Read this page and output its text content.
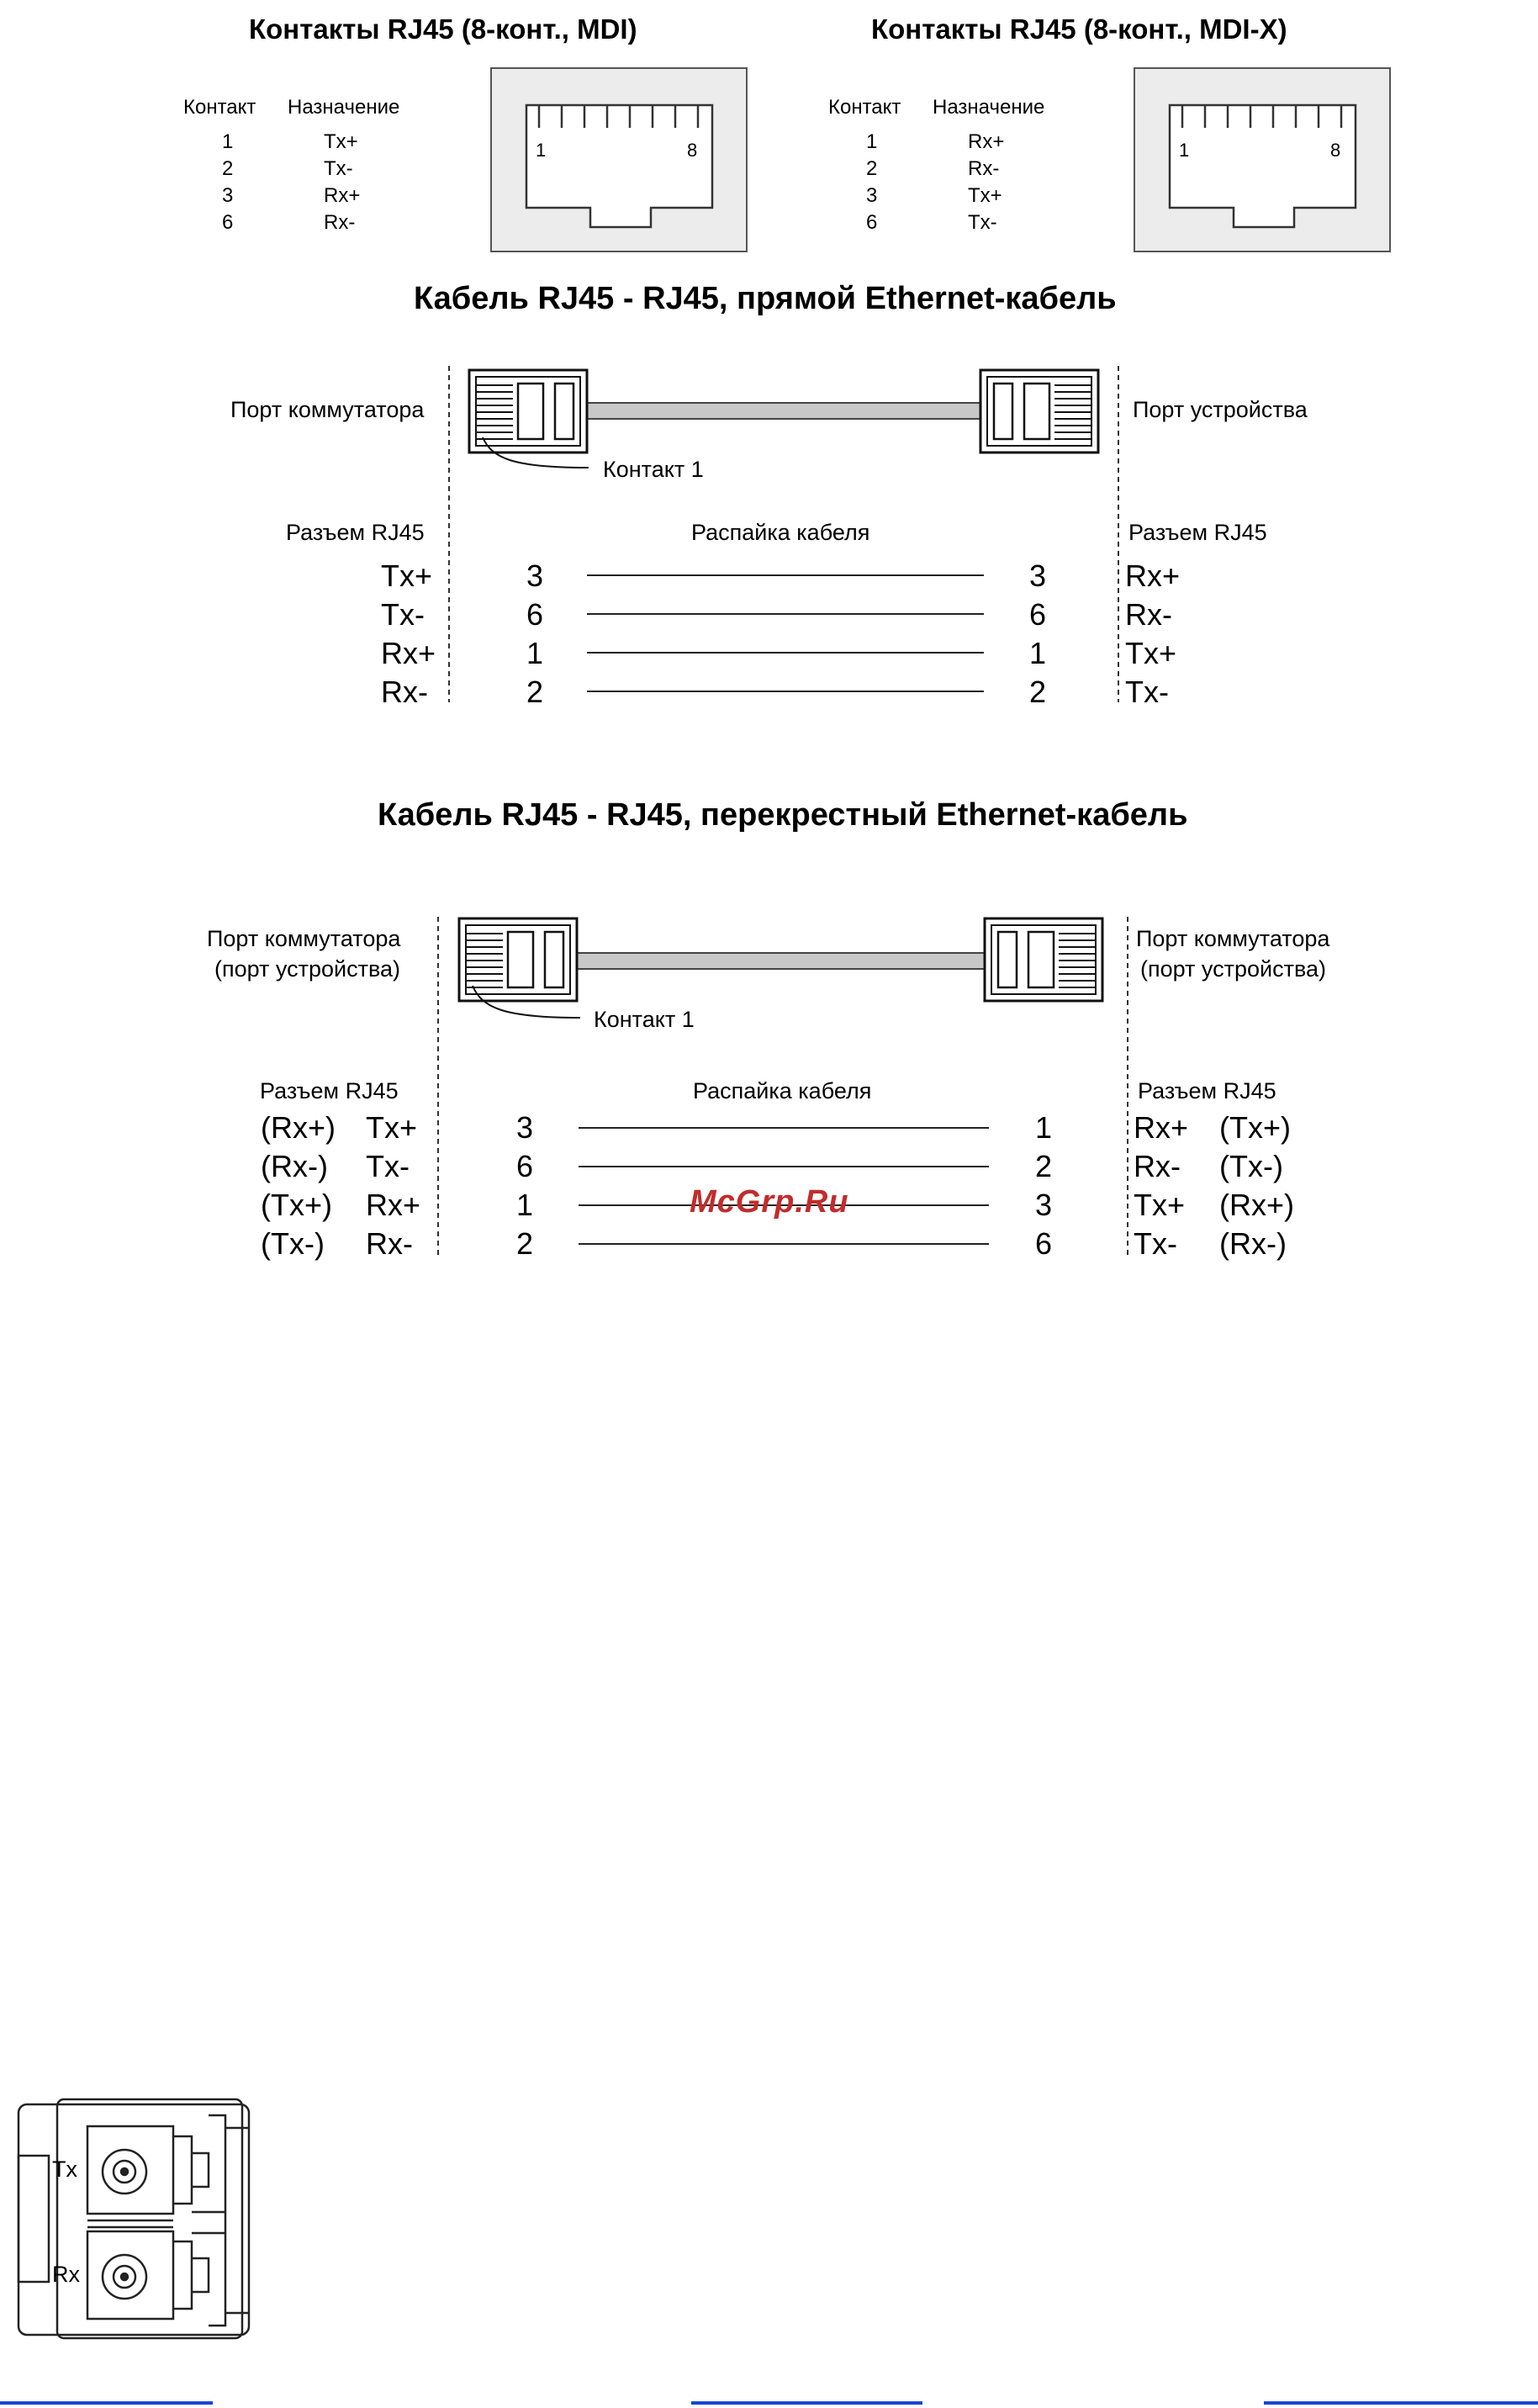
Контакты RJ45 (8-конт., MDI)
Контакт Назначение
1	Tx+
2	Tx-
3	Rx+
6	Rx-
1	8
Контакты RJ45 (8-конт., MDI-X)
Контакт Назначение
1	Rx+
2	Rx-
3	Tx+
6	Tx-
1	8
Кабель RJ45 - RJ45, прямой Ethernet-кабель
Порт коммутатора	Порт устройства
Контакт 1
Разъем RJ45	Распайка кабеля	Разъем RJ45
Tx+	3	3	Rx+
Tx-	6	6	Rx-
Rx+	1	1	Tx+
Rx-	2	2	Tx-
Кабель RJ45 - RJ45, перекрестный Ethernet-кабель
Порт коммутатора
(порт устройства)
Порт коммутатора
(порт устройства)
Контакт 1
Разъем RJ45	Распайка кабеля	Разъем RJ45
(Rx+) Tx+	3	1	Rx+ (Tx+)
(Rx-) Tx-	6	2	Rx- (Tx-)
(Tx+) Rx+	1	3	Tx+ (Rx+)
(Tx-) Rx-	2	6	Tx- (Rx-)
McGrp.Ru
Tx
Rx
